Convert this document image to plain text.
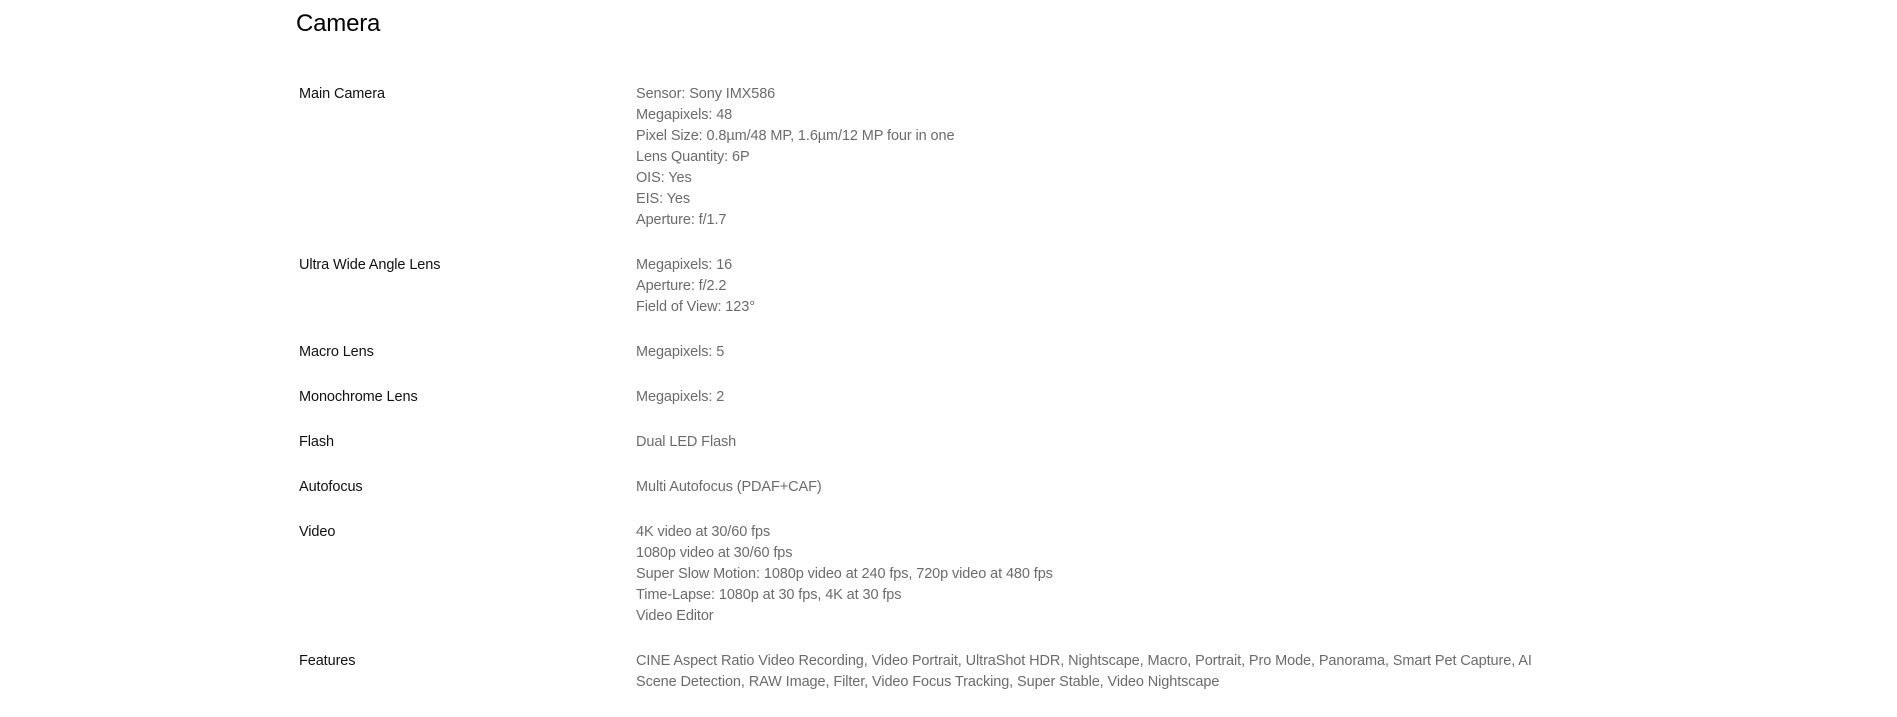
Camera
Main Camera	Sensor: Sony IMX586
Megapixels: 48
Pixel Size: 0.8µm/48 MP, 1.6µm/12 MP four in one
Lens Quantity: 6P
OIS: Yes
EIS: Yes
Aperture: f/1.7
Ultra Wide Angle Lens	Megapixels: 16
Aperture: f/2.2
Field of View: 123°
Macro Lens	Megapixels: 5
Monochrome Lens	Megapixels: 2
Flash	Dual LED Flash
Autofocus	Multi Autofocus (PDAF+CAF)
Video	4K video at 30/60 fps
1080p video at 30/60 fps
Super Slow Motion: 1080p video at 240 fps, 720p video at 480 fps
Time-Lapse: 1080p at 30 fps, 4K at 30 fps
Video Editor
Features	CINE Aspect Ratio Video Recording, Video Portrait, UltraShot HDR, Nightscape, Macro, Portrait, Pro Mode, Panorama, Smart Pet Capture, AI Scene Detection, RAW Image, Filter, Video Focus Tracking, Super Stable, Video Nightscape
